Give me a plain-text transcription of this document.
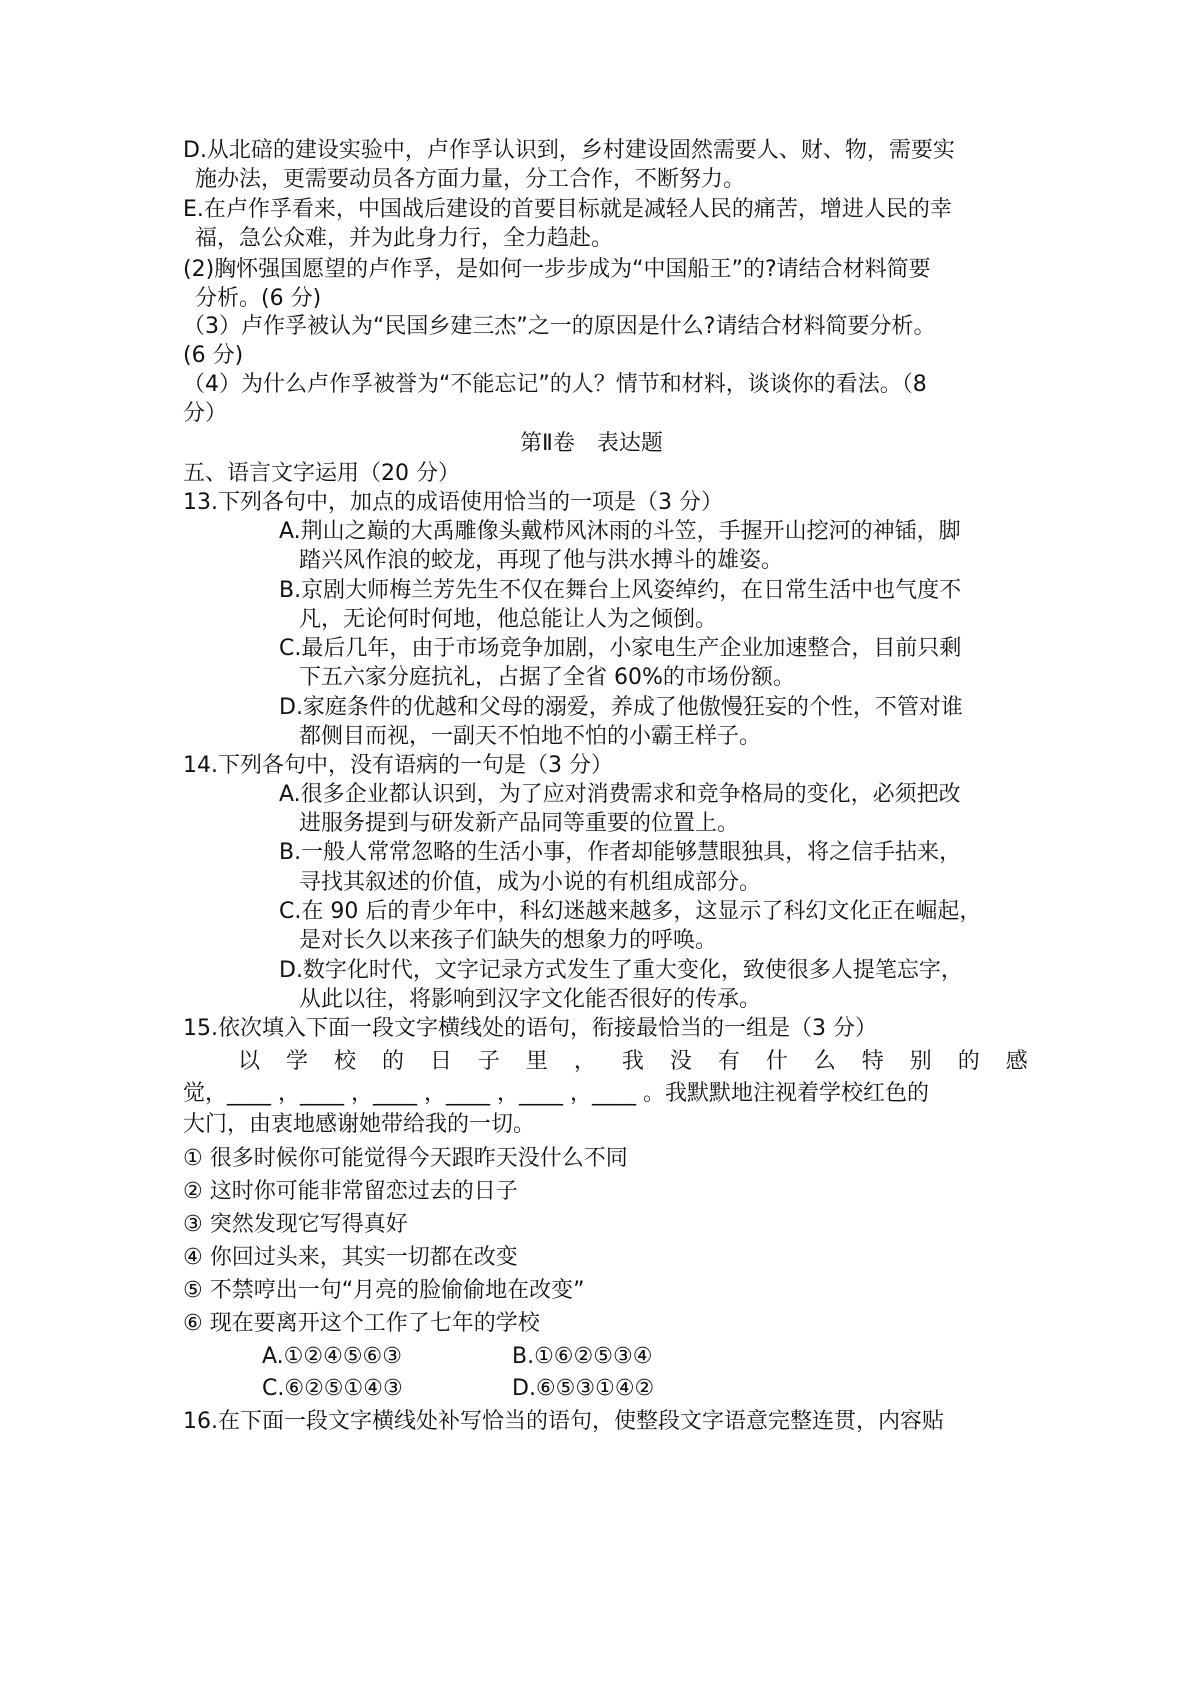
D.从北碚的建设实验中，卢作孚认识到，乡村建设固然需要人、财、物，需要实
施办法，更需要动员各方面力量，分工合作，不断努力。
E.在卢作孚看来，中国战后建设的首要目标就是减轻人民的痛苦，增进人民的幸
福，急公众难，并为此身力行，全力趋赴。
(2)胸怀强国愿望的卢作孚，是如何一步步成为“中国船王”的?请结合材料简要
分析。(6 分)
（3）卢作孚被认为“民国乡建三杰”之一的原因是什么?请结合材料简要分析。
(6 分)
（4）为什么卢作孚被誉为“不能忘记”的人？情节和材料，谈谈你的看法。（8
分）
第Ⅱ卷　表达题
五、语言文字运用（20 分）
13.下列各句中，加点的成语使用恰当的一项是（3 分）
A.荆山之巅的大禹雕像头戴栉风沐雨的斗笠，手握开山挖河的神锸，脚
踏兴风作浪的蛟龙，再现了他与洪水搏斗的雄姿。
B.京剧大师梅兰芳先生不仅在舞台上风姿绰约，在日常生活中也气度不
凡，无论何时何地，他总能让人为之倾倒。
C.最后几年，由于市场竞争加剧，小家电生产企业加速整合，目前只剩
下五六家分庭抗礼，占据了全省 60%的市场份额。
D.家庭条件的优越和父母的溺爱，养成了他傲慢狂妄的个性，不管对谁
都侧目而视，一副天不怕地不怕的小霸王样子。
14.下列各句中，没有语病的一句是（3 分）
A.很多企业都认识到，为了应对消费需求和竞争格局的变化，必须把改
进服务提到与研发新产品同等重要的位置上。
B.一般人常常忽略的生活小事，作者却能够慧眼独具，将之信手拈来，
寻找其叙述的价值，成为小说的有机组成部分。
C.在 90 后的青少年中，科幻迷越来越多，这显示了科幻文化正在崛起，
是对长久以来孩子们缺失的想象力的呼唤。
D.数字化时代，文字记录方式发生了重大变化，致使很多人提笔忘字，
从此以往，将影响到汉字文化能否很好的传承。
15.依次填入下面一段文字横线处的语句，衔接最恰当的一组是（3 分）
以 学 校 的 日 子 里 ， 我 没 有 什 么 特 别 的 感
觉，____ ，____ ，____ ，____ ，____ ，____ 。我默默地注视着学校红色的
大门，由衷地感谢她带给我的一切。
① 很多时候你可能觉得今天跟昨天没什么不同
② 这时你可能非常留恋过去的日子
③ 突然发现它写得真好
④ 你回过头来，其实一切都在改变
⑤ 不禁哼出一句“月亮的脸偷偷地在改变”
⑥ 现在要离开这个工作了七年的学校
A.①②④⑤⑥③	B.①⑥②⑤③④
C.⑥②⑤①④③	D.⑥⑤③①④②
16.在下面一段文字横线处补写恰当的语句，使整段文字语意完整连贯，内容贴
